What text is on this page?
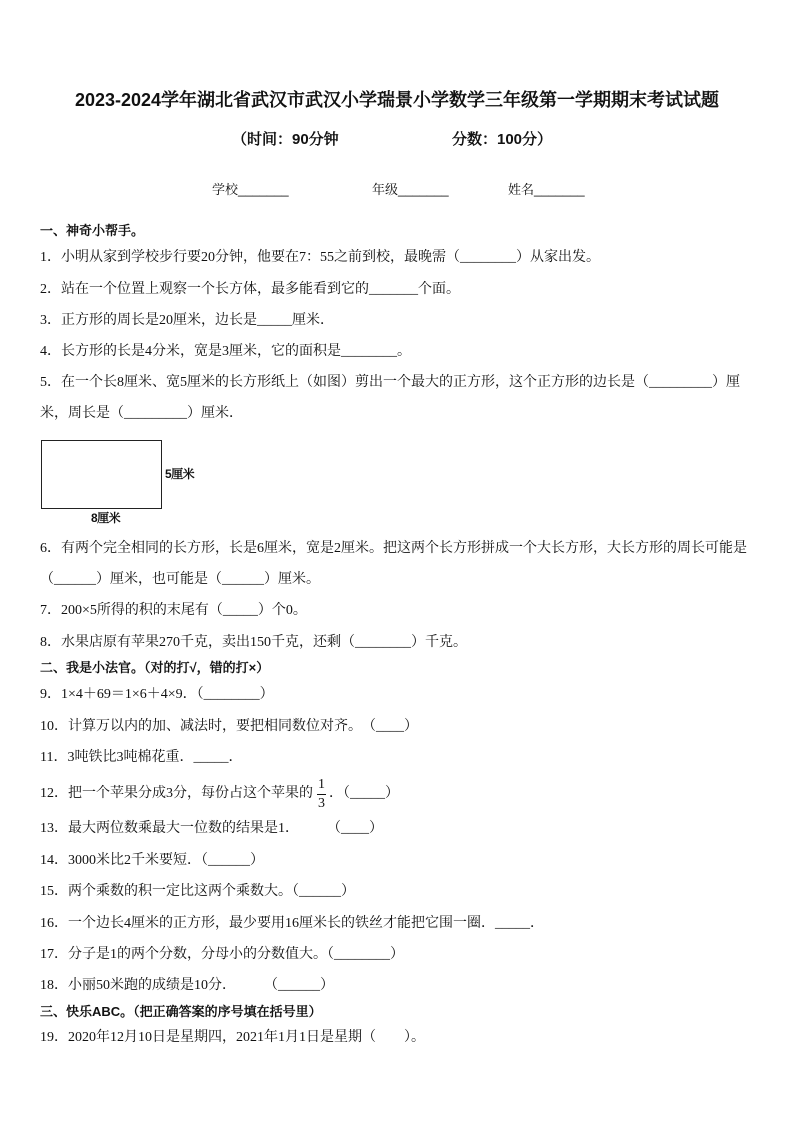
2023-2024学年湖北省武汉市武汉小学瑞景小学数学三年级第一学期期末考试试题
（时间：90分钟	分数：100分）
学校_______	年级_______	姓名_______
一、神奇小帮手。
1．小明从家到学校步行要20分钟，他要在7：55之前到校，最晚需（________）从家出发。
2．站在一个位置上观察一个长方体，最多能看到它的_______个面。
3．正方形的周长是20厘米，边长是_____厘米．
4．长方形的长是4分米，宽是3厘米，它的面积是________。
5．在一个长8厘米、宽5厘米的长方形纸上（如图）剪出一个最大的正方形，这个正方形的边长是（_________）厘
米，周长是（_________）厘米．
5厘米
8厘米
6．有两个完全相同的长方形，长是6厘米，宽是2厘米。把这两个长方形拼成一个大长方形，大长方形的周长可能是
（______）厘米，也可能是（______）厘米。
7．200×5所得的积的末尾有（_____）个0。
8．水果店原有苹果270千克，卖出150千克，还剩（________）千克。
二、我是小法官。（对的打√，错的打×）
9．1×4＋69＝1×6＋4×9．（________）
10．计算万以内的加、减法时，要把相同数位对齐。　（____）
11．3吨铁比3吨棉花重．_____．
12．把一个苹果分成3分，每份占这个苹果的 $\frac{1}{3}$ ．（_____）
13．最大两位数乘最大一位数的结果是1．　　　（____）
14．3000米比2千米要短．（______）
15．两个乘数的积一定比这两个乘数大。（______）
16．一个边长4厘米的正方形，最少要用16厘米长的铁丝才能把它围一圈．_____．
17．分子是1的两个分数，分母小的分数值大。（________）
18．小丽50米跑的成绩是10分．　　　（______）
三、快乐ABC。（把正确答案的序号填在括号里）
19．2020年12月10日是星期四，2021年1月1日是星期（　　）。
